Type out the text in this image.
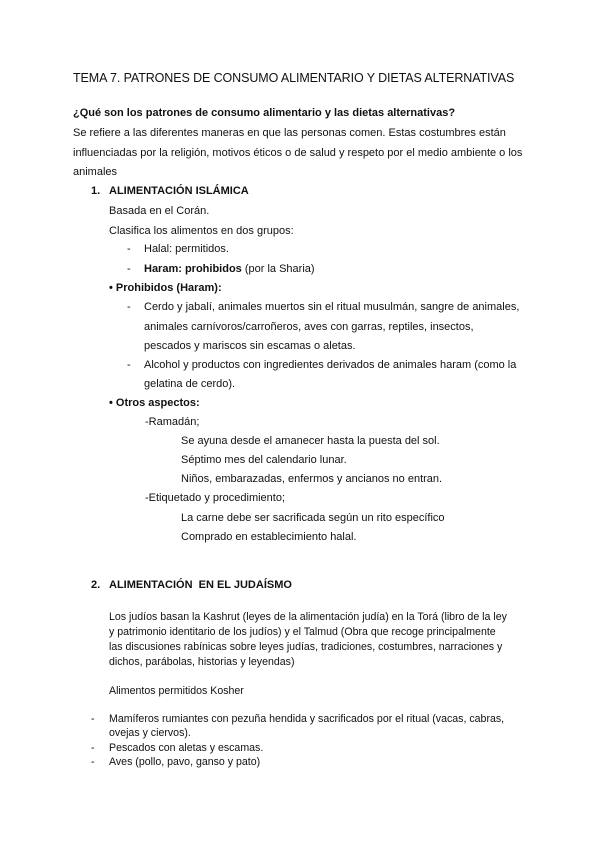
TEMA 7. PATRONES DE CONSUMO ALIMENTARIO Y DIETAS ALTERNATIVAS
¿Qué son los patrones de consumo alimentario y las dietas alternativas?
Se refiere a las diferentes maneras en que las personas comen. Estas costumbres están
influenciadas por la religión, motivos éticos o de salud y respeto por el medio ambiente o los
animales
1. ALIMENTACIÓN ISLÁMICA
Basada en el Corán.
Clasifica los alimentos en dos grupos:
- Halal: permitidos.
- Haram: prohibidos (por la Sharia)
• Prohibidos (Haram):
- Cerdo y jabalí, animales muertos sin el ritual musulmán, sangre de animales,
animales carnívoros/carroñeros, aves con garras, reptiles, insectos,
pescados y mariscos sin escamas o aletas.
- Alcohol y productos con ingredientes derivados de animales haram (como la
gelatina de cerdo).
• Otros aspectos:
-Ramadán;
Se ayuna desde el amanecer hasta la puesta del sol.
Séptimo mes del calendario lunar.
Niños, embarazadas, enfermos y ancianos no entran.
-Etiquetado y procedimiento;
La carne debe ser sacrificada según un rito específico
Comprado en establecimiento halal.
2. ALIMENTACIÓN  EN EL JUDAÍSMO
Los judíos basan la Kashrut (leyes de la alimentación judía) en la Torá (libro de la ley
y patrimonio identitario de los judíos) y el Talmud (Obra que recoge principalmente
las discusiones rabínicas sobre leyes judías, tradiciones, costumbres, narraciones y
dichos, parábolas, historias y leyendas)
Alimentos permitidos Kosher
- Mamíferos rumiantes con pezuña hendida y sacrificados por el ritual (vacas, cabras,
ovejas y ciervos).
- Pescados con aletas y escamas.
- Aves (pollo, pavo, ganso y pato)
